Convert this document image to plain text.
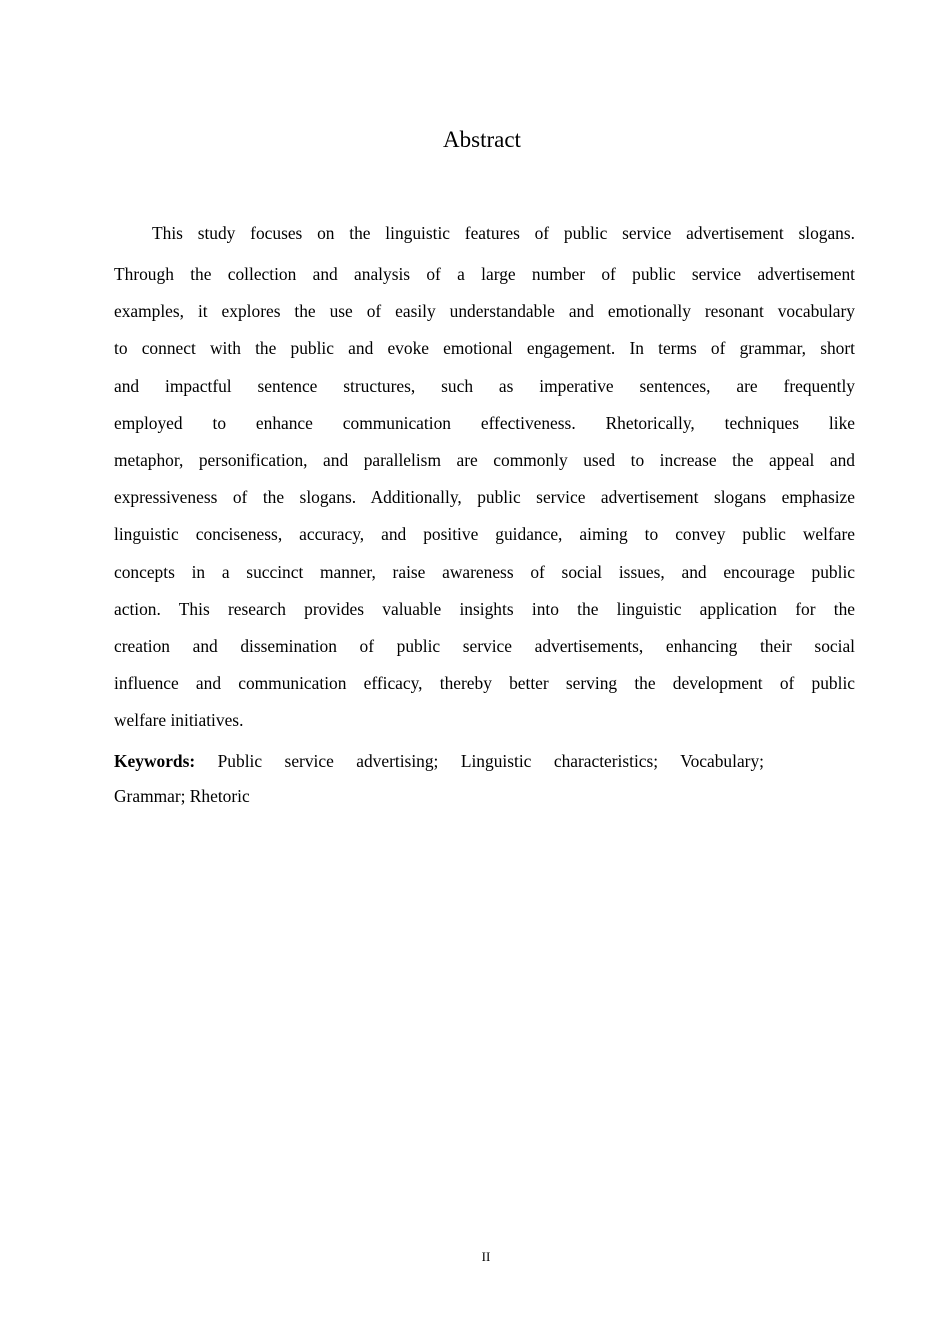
Abstract
This study focuses on the linguistic features of public service advertisement slogans.
Through the collection and analysis of a large number of public service advertisement
examples, it explores the use of easily understandable and emotionally resonant vocabulary
to connect with the public and evoke emotional engagement. In terms of grammar, short
and impactful sentence structures, such as imperative sentences, are frequently
employed to enhance communication effectiveness. Rhetorically, techniques like
metaphor, personification, and parallelism are commonly used to increase the appeal and
expressiveness of the slogans. Additionally, public service advertisement slogans emphasize
linguistic conciseness, accuracy, and positive guidance, aiming to convey public welfare
concepts in a succinct manner, raise awareness of social issues, and encourage public
action. This research provides valuable insights into the linguistic application for the
creation and dissemination of public service advertisements, enhancing their social
influence and communication efficacy, thereby better serving the development of public
welfare initiatives.
Keywords: Public service advertising; Linguistic characteristics; Vocabulary;
Grammar; Rhetoric
II
